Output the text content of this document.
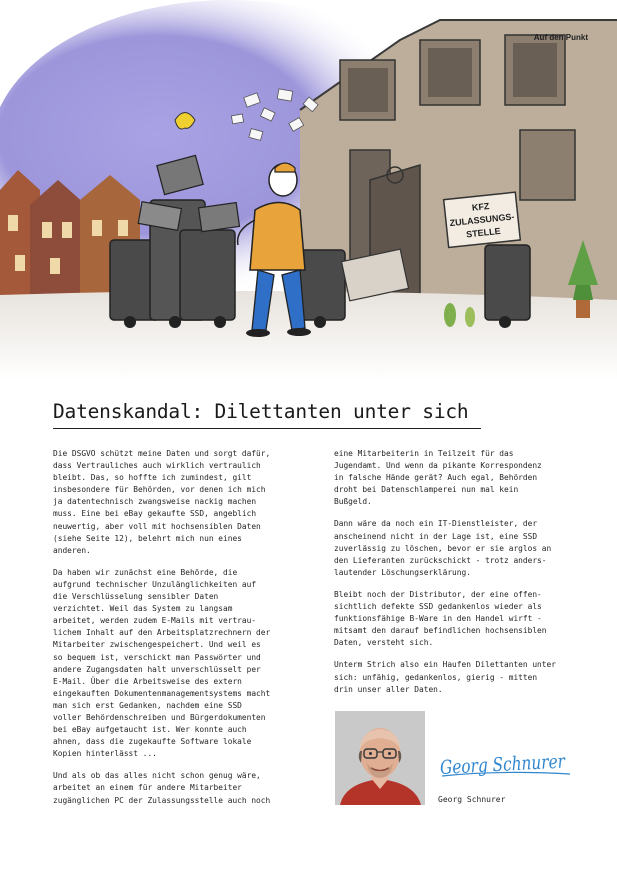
KFZ
ZULASSUNGS-
STELLE
Auf den Punkt
Datenskandal: Dilettanten unter sich

Die DSGVO schützt meine Daten und sorgt dafür,
dass Vertrauliches auch wirklich vertraulich
bleibt. Das, so hoffte ich zumindest, gilt
insbesondere für Behörden, vor denen ich mich
ja datentechnisch zwangsweise nackig machen
muss. Eine bei eBay gekaufte SSD, angeblich
neuwertig, aber voll mit hochsensiblen Daten
(siehe Seite 12), belehrt mich nun eines
anderen.

Da haben wir zunächst eine Behörde, die
aufgrund technischer Unzulänglichkeiten auf
die Verschlüsselung sensibler Daten
verzichtet. Weil das System zu langsam
arbeitet, werden zudem E-Mails mit vertrau-
lichem Inhalt auf den Arbeitsplatzrechnern der
Mitarbeiter zwischengespeichert. Und weil es
so bequem ist, verschickt man Passwörter und
andere Zugangsdaten halt unverschlüsselt per
E-Mail. Über die Arbeitsweise des extern
eingekauften Dokumentenmanagementsystems macht
man sich erst Gedanken, nachdem eine SSD
voller Behördenschreiben und Bürgerdokumenten
bei eBay aufgetaucht ist. Wer konnte auch
ahnen, dass die zugekaufte Software lokale
Kopien hinterlässt ...

Und als ob das alles nicht schon genug wäre,
arbeitet an einem für andere Mitarbeiter
zugänglichen PC der Zulassungsstelle auch noch

eine Mitarbeiterin in Teilzeit für das
Jugendamt. Und wenn da pikante Korrespondenz
in falsche Hände gerät? Auch egal, Behörden
droht bei Datenschlamperei nun mal kein
Bußgeld.

Dann wäre da noch ein IT-Dienstleister, der
anscheinend nicht in der Lage ist, eine SSD
zuverlässig zu löschen, bevor er sie arglos an
den Lieferanten zurückschickt - trotz anders-
lautender Löschungserklärung.

Bleibt noch der Distributor, der eine offen-
sichtlich defekte SSD gedankenlos wieder als
funktionsfähige B-Ware in den Handel wirft -
mitsamt den darauf befindlichen hochsensiblen
Daten, versteht sich.

Unterm Strich also ein Haufen Dilettanten unter
sich: unfähig, gedankenlos, gierig - mitten
drin unser aller Daten.

Georg Schnurer
Georg Schnurer
